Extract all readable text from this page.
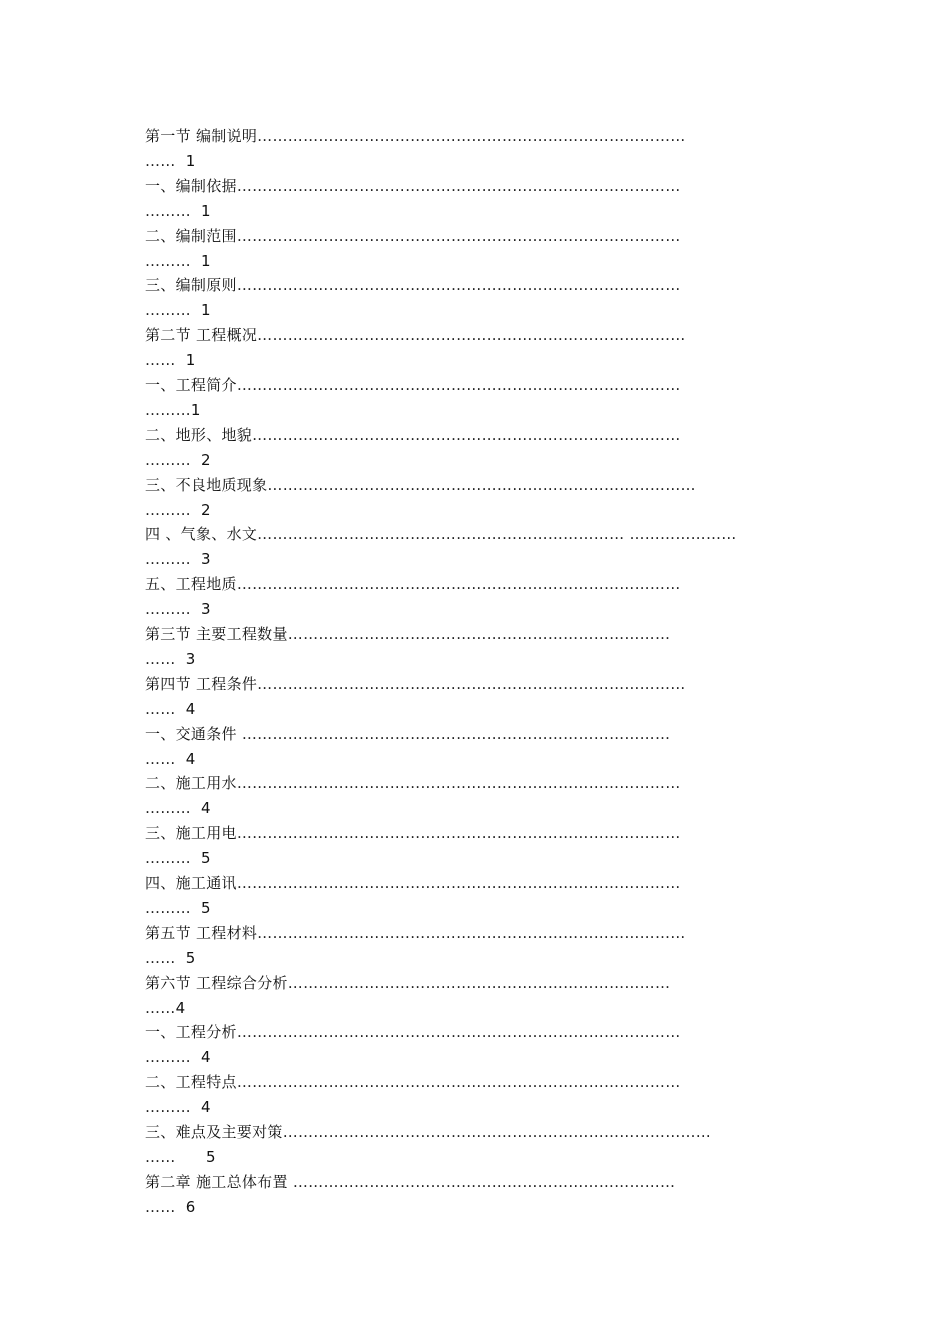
第一节 编制说明…………………………………………………………………………
……  1
一、编制依据……………………………………………………………………………
………  1
二、编制范围……………………………………………………………………………
………  1
三、编制原则……………………………………………………………………………
………  1
第二节 工程概况…………………………………………………………………………
……  1
一、工程简介……………………………………………………………………………
………1
二、地形、地貌…………………………………………………………………………
………  2
三、不良地质现象…………………………………………………………………………
………  2
四 、气象、水文……………………………………………………………… …………………
………  3
五、工程地质……………………………………………………………………………
………  3
第三节 主要工程数量…………………………………………………………………
……  3
第四节 工程条件…………………………………………………………………………
……  4
一、交通条件 …………………………………………………………………………
……  4
二、施工用水……………………………………………………………………………
………  4
三、施工用电……………………………………………………………………………
………  5
四、施工通讯……………………………………………………………………………
………  5
第五节 工程材料…………………………………………………………………………
……  5
第六节 工程综合分析…………………………………………………………………
……4
一、工程分析……………………………………………………………………………
………  4
二、工程特点……………………………………………………………………………
………  4
三、难点及主要对策…………………………………………………………………………
……      5
第二章 施工总体布置 …………………………………………………………………
……  6
